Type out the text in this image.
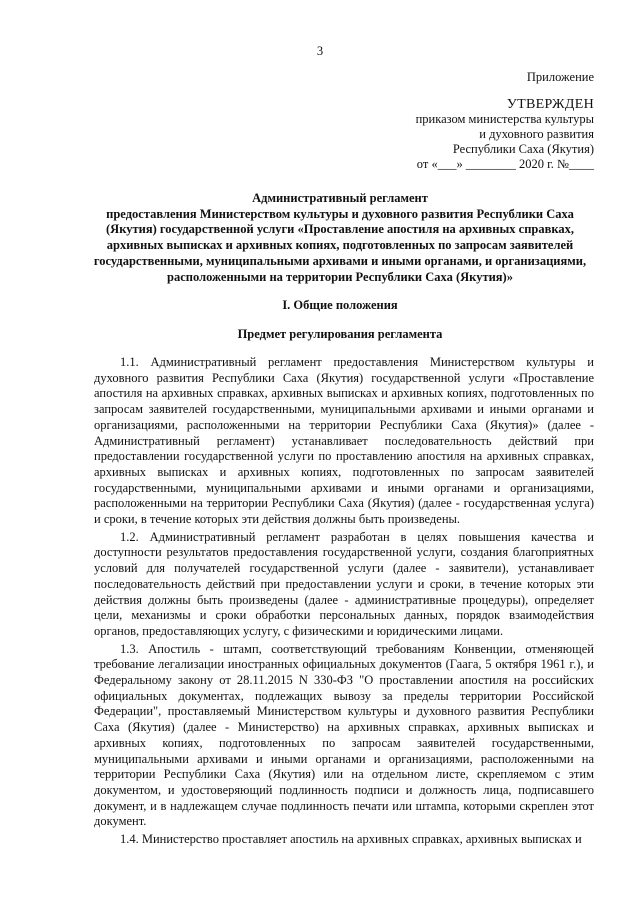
3
Приложение
УТВЕРЖДЕН
приказом министерства культуры
и духовного развития
Республики Саха (Якутия)
от «___» ________ 2020 г. №____
Административный регламент
предоставления Министерством культуры и духовного развития Республики Саха (Якутия) государственной услуги «Проставление апостиля на архивных справках, архивных выписках и архивных копиях, подготовленных по запросам заявителей государственными, муниципальными архивами и иными органами, и организациями, расположенными на территории Республики Саха (Якутия)»
I. Общие положения
Предмет регулирования регламента

1.1. Административный регламент предоставления Министерством культуры и духовного развития Республики Саха (Якутия) государственной услуги «Проставление апостиля на архивных справках, архивных выписках и архивных копиях, подготовленных по запросам заявителей государственными, муниципальными архивами и иными органами и организациями, расположенными на территории Республики Саха (Якутия)» (далее - Административный регламент) устанавливает последовательность действий при предоставлении государственной услуги по проставлению апостиля на архивных справках, архивных выписках и архивных копиях, подготовленных по запросам заявителей государственными, муниципальными архивами и иными органами и организациями, расположенными на территории Республики Саха (Якутия) (далее - государственная услуга) и сроки, в течение которых эти действия должны быть произведены.

1.2. Административный регламент разработан в целях повышения качества и доступности результатов предоставления государственной услуги, создания благоприятных условий для получателей государственной услуги (далее - заявители), устанавливает последовательность действий при предоставлении услуги и сроки, в течение которых эти действия должны быть произведены (далее - административные процедуры), определяет цели, механизмы и сроки обработки персональных данных, порядок взаимодействия органов, предоставляющих услугу, с физическими и юридическими лицами.

1.3. Апостиль - штамп, соответствующий требованиям Конвенции, отменяющей требование легализации иностранных официальных документов (Гаага, 5 октября 1961 г.), и Федеральному закону от 28.11.2015 N 330-ФЗ "О проставлении апостиля на российских официальных документах, подлежащих вывозу за пределы территории Российской Федерации", проставляемый Министерством культуры и духовного развития Республики Саха (Якутия) (далее - Министерство) на архивных справках, архивных выписках и архивных копиях, подготовленных по запросам заявителей государственными, муниципальными архивами и иными органами и организациями, расположенными на территории Республики Саха (Якутия) или на отдельном листе, скрепляемом с этим документом, и удостоверяющий подлинность подписи и должность лица, подписавшего документ, и в надлежащем случае подлинность печати или штампа, которыми скреплен этот документ.

1.4. Министерство проставляет апостиль на архивных справках, архивных выписках и
